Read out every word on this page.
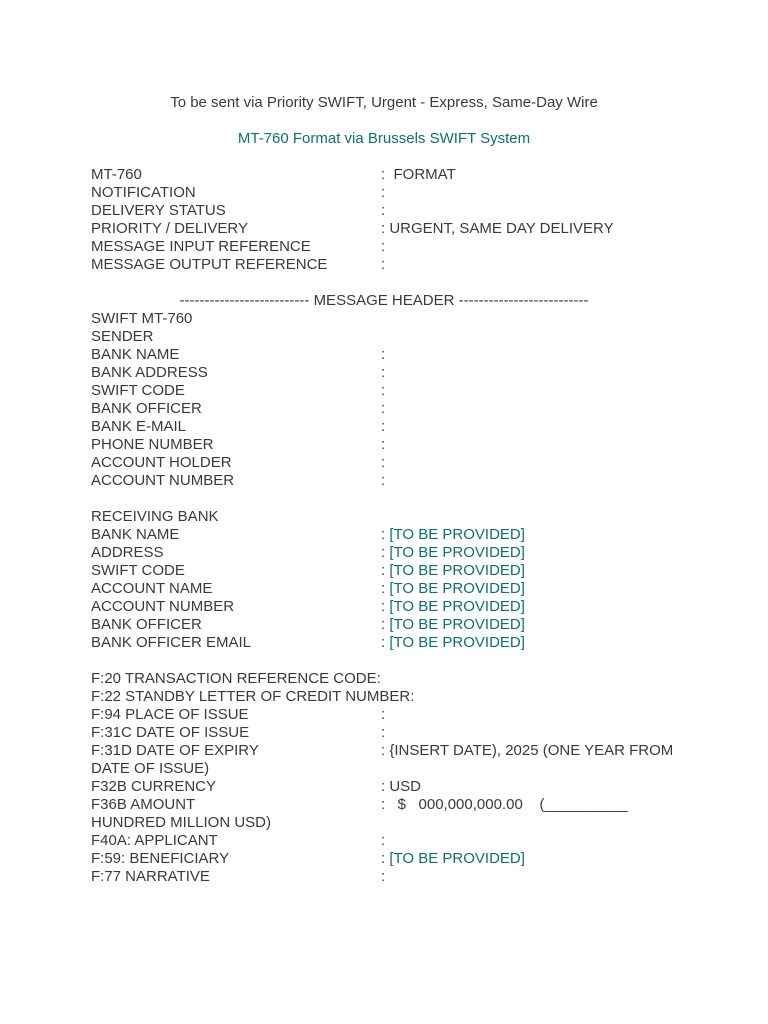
To be sent via Priority SWIFT, Urgent - Express, Same-Day Wire
MT-760 Format via Brussels SWIFT System
MT-760	: FORMAT
NOTIFICATION	:
DELIVERY STATUS	:
PRIORITY / DELIVERY	: URGENT, SAME DAY DELIVERY
MESSAGE INPUT REFERENCE	:
MESSAGE OUTPUT REFERENCE	:
-------------------------- MESSAGE HEADER --------------------------
SWIFT MT-760
SENDER
BANK NAME	:
BANK ADDRESS	:
SWIFT CODE	:
BANK OFFICER	:
BANK E-MAIL	:
PHONE NUMBER	:
ACCOUNT HOLDER	:
ACCOUNT NUMBER	:
RECEIVING BANK
BANK NAME	: [TO BE PROVIDED]
ADDRESS	: [TO BE PROVIDED]
SWIFT CODE	: [TO BE PROVIDED]
ACCOUNT NAME	: [TO BE PROVIDED]
ACCOUNT NUMBER	: [TO BE PROVIDED]
BANK OFFICER	: [TO BE PROVIDED]
BANK OFFICER EMAIL	: [TO BE PROVIDED]
F:20 TRANSACTION REFERENCE CODE:
F:22 STANDBY LETTER OF CREDIT NUMBER:
F:94 PLACE OF ISSUE	:
F:31C DATE OF ISSUE	:
F:31D DATE OF EXPIRY	: {INSERT DATE), 2025 (ONE YEAR FROM
DATE OF ISSUE)
F32B CURRENCY	: USD
F36B AMOUNT	:   $   000,000,000.00    (__________
HUNDRED MILLION USD)
F40A: APPLICANT	:
F:59: BENEFICIARY	: [TO BE PROVIDED]
F:77 NARRATIVE	:
